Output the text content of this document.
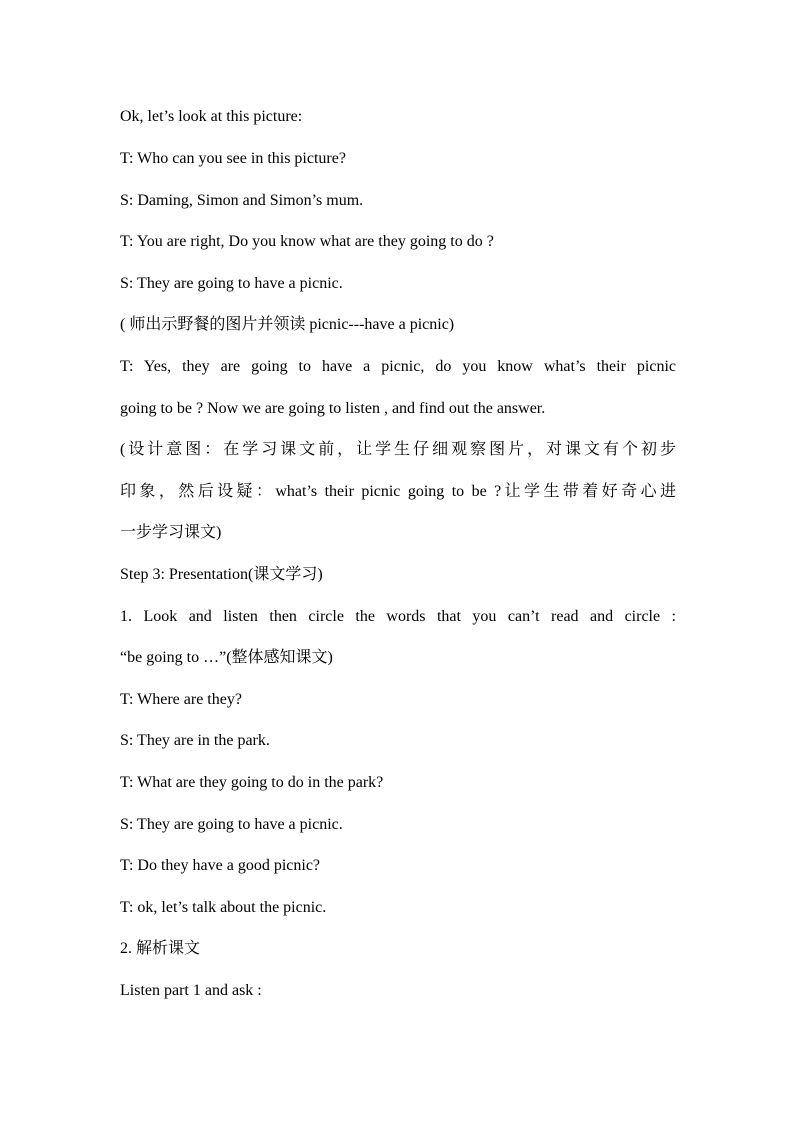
Ok, let’s look at this picture:
T: Who can you see in this picture?
S: Daming, Simon and Simon’s mum.
T: You are right, Do you know what are they going to do ?
S: They are going to have a picnic.
( 师出示野餐的图片并领读 picnic---have a picnic)
T: Yes, they are going to have a picnic, do you know what’s their picnic
going to be ? Now we are going to listen , and find out the answer.
(设计意图：在学习课文前，让学生仔细观察图片，对课文有个初步
印象，然后设疑：what’s their picnic going to be ?让学生带着好奇心进
一步学习课文)
Step 3: Presentation(课文学习)
1. Look and listen then circle the words that you can’t read and circle :
“be going to …”(整体感知课文)
T: Where are they?
S: They are in the park.
T: What are they going to do in the park?
S: They are going to have a picnic.
T: Do they have a good picnic?
T: ok, let’s talk about the picnic.
2. 解析课文
Listen part 1 and ask :
